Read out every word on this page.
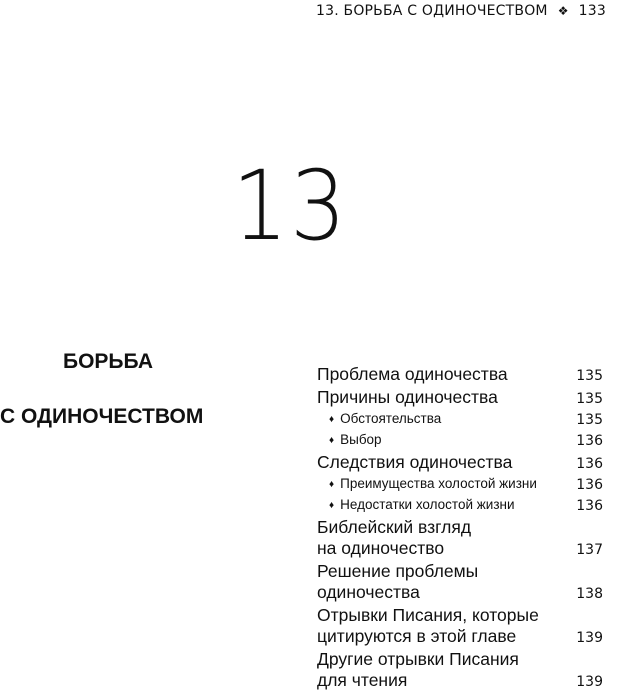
13. БОРЬБА С ОДИНОЧЕСТВОМ ❖ 133
13
БОРЬБА
С ОДИНОЧЕСТВОМ
Проблема одиночества	135
Причины одиночества	135
♦ Обстоятельства	135
♦ Выбор	136
Следствия одиночества	136
♦ Преимущества холостой жизни	136
♦ Недостатки холостой жизни	136
Библейский взгляд
на одиночество	137
Решение проблемы
одиночества	138
Отрывки Писания, которые
цитируются в этой главе	139
Другие отрывки Писания
для чтения	139
